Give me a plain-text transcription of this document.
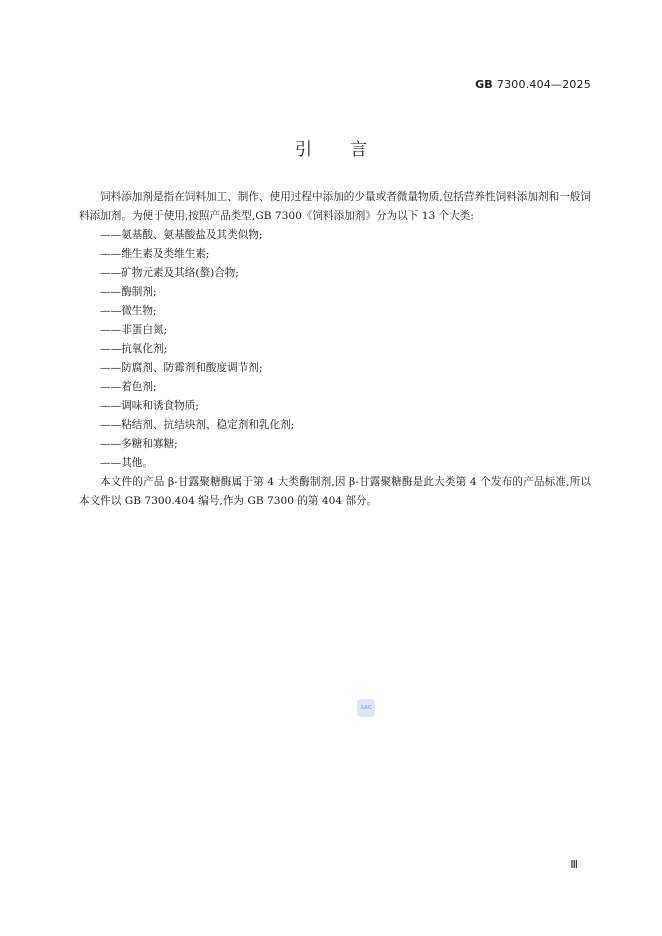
GB 7300.404—2025
引言

饲料添加剂是指在饲料加工、制作、使用过程中添加的少量或者微量物质,包括营养性饲料添加剂和一般饲料添加剂。为便于使用,按照产品类型,GB 7300《饲料添加剂》分为以下 13 个大类:

——氨基酸、氨基酸盐及其类似物;
——维生素及类维生素;
——矿物元素及其络(螯)合物;
——酶制剂;
——微生物;
——非蛋白氮;
——抗氧化剂;
——防腐剂、防霉剂和酸度调节剂;
——着色剂;
——调味和诱食物质;
——粘结剂、抗结块剂、稳定剂和乳化剂;
——多糖和寡糖;
——其他。

本文件的产品 β-甘露聚糖酶属于第 4 大类酶制剂,因 β-甘露聚糖酶是此大类第 4 个发布的产品标准,所以本文件以 GB 7300.404 编号,作为 GB 7300 的第 404 部分。

SAC
Ⅲ
